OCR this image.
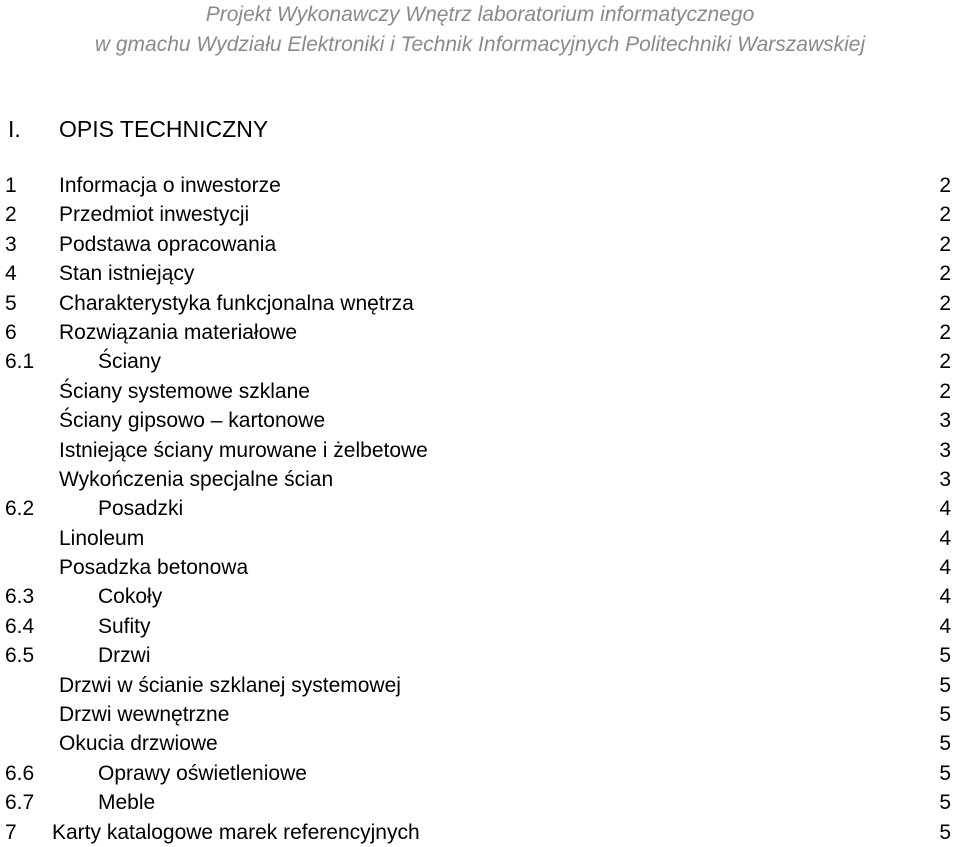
Projekt Wykonawczy Wnętrz laboratorium informatycznego
w gmachu Wydziału Elektroniki i Technik Informacyjnych Politechniki Warszawskiej
I. OPIS TECHNICZNY
1 Informacja o inwestorze	2
2 Przedmiot inwestycji	2
3 Podstawa opracowania	2
4 Stan istniejący	2
5 Charakterystyka funkcjonalna wnętrza	2
6 Rozwiązania materiałowe	2
6.1	Ściany	2
Ściany systemowe szklane	2
Ściany gipsowo – kartonowe	3
Istniejące ściany murowane i żelbetowe	3
Wykończenia specjalne ścian	3
6.2	Posadzki	4
Linoleum	4
Posadzka betonowa	4
6.3	Cokoły	4
6.4	Sufity	4
6.5	Drzwi	5
Drzwi w ścianie szklanej systemowej	5
Drzwi wewnętrzne	5
Okucia drzwiowe	5
6.6	Oprawy oświetleniowe	5
6.7	Meble	5
7 Karty katalogowe marek referencyjnych	5
